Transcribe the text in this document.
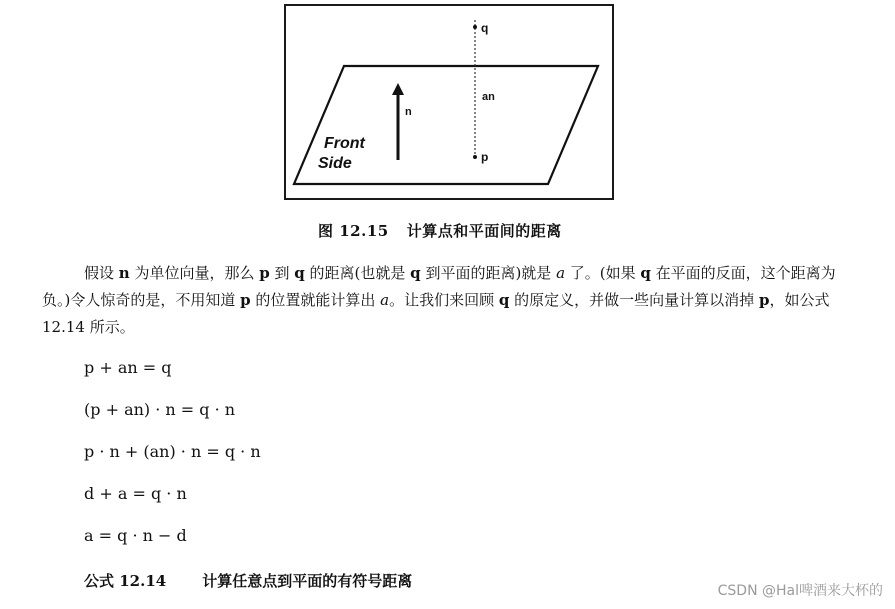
q
an
n
p
Front
Side
图 12.15 计算点和平面间的距离
假设 n 为单位向量，那么 p 到 q 的距离(也就是 q 到平面的距离)就是 a 了。(如果 q 在平面的反面，这个距离为负。)令人惊奇的是，不用知道 p 的位置就能计算出 a。让我们来回顾 q 的原定义，并做一些向量计算以消掉 p，如公式 12.14 所示。
p + an = q
(p + an) · n = q · n
p · n + (an) · n = q · n
d + a = q · n
a = q · n − d
公式 12.14 计算任意点到平面的有符号距离
CSDN @Hal啤酒来大杯的
